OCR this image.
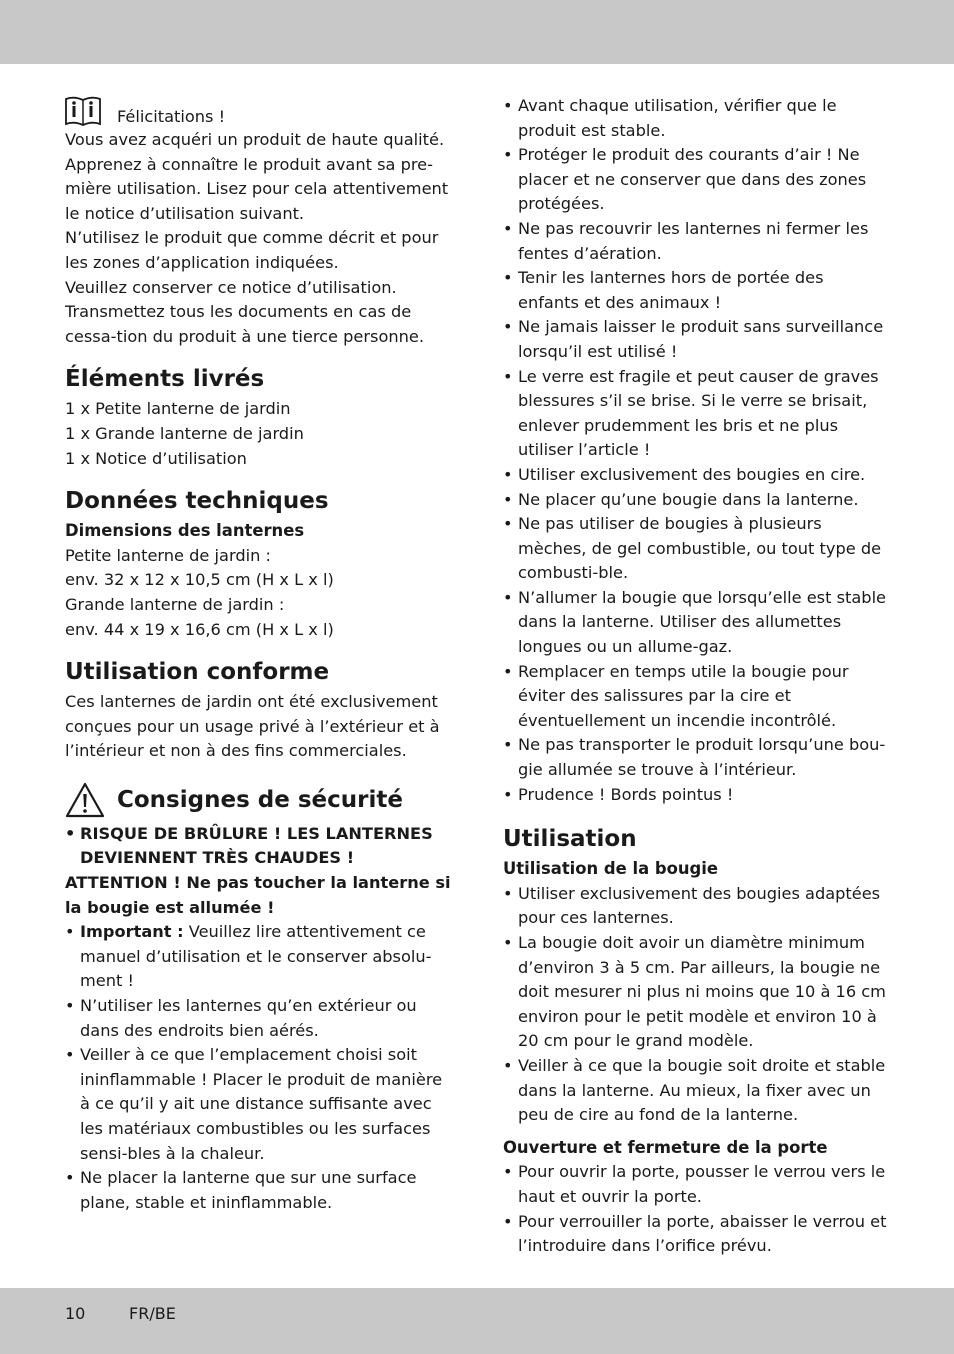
Félicitations !
Vous avez acquéri un produit de haute qualité. Apprenez à connaître le produit avant sa pre-mière utilisation. Lisez pour cela attentivement le notice d’utilisation suivant.
N’utilisez le produit que comme décrit et pour les zones d’application indiquées.
Veuillez conserver ce notice d’utilisation. Transmettez tous les documents en cas de cessa-tion du produit à une tierce personne.
Éléments livrés
1 x Petite lanterne de jardin
1 x Grande lanterne de jardin
1 x Notice d’utilisation
Données techniques
Dimensions des lanternes
Petite lanterne de jardin :
env. 32 x 12 x 10,5 cm (H x L x l)
Grande lanterne de jardin :
env. 44 x 19 x 16,6 cm (H x L x l)
Utilisation conforme
Ces lanternes de jardin ont été exclusivement conçues pour un usage privé à l’extérieur et à l’intérieur et non à des fins commerciales.
Consignes de sécurité
• RISQUE DE BRÛLURE ! LES LANTERNES DEVIENNENT TRÈS CHAUDES !
ATTENTION ! Ne pas toucher la lanterne si la bougie est allumée !
• Important : Veuillez lire attentivement ce manuel d’utilisation et le conserver absolu-ment !
• N’utiliser les lanternes qu’en extérieur ou dans des endroits bien aérés.
• Veiller à ce que l’emplacement choisi soit ininflammable ! Placer le produit de manière à ce qu’il y ait une distance suffisante avec les matériaux combustibles ou les surfaces sensi-bles à la chaleur.
• Ne placer la lanterne que sur une surface plane, stable et ininflammable.
• Avant chaque utilisation, vérifier que le produit est stable.
• Protéger le produit des courants d’air ! Ne placer et ne conserver que dans des zones protégées.
• Ne pas recouvrir les lanternes ni fermer les fentes d’aération.
• Tenir les lanternes hors de portée des enfants et des animaux !
• Ne jamais laisser le produit sans surveillance lorsqu’il est utilisé !
• Le verre est fragile et peut causer de graves blessures s’il se brise. Si le verre se brisait, enlever prudemment les bris et ne plus utiliser l’article !
• Utiliser exclusivement des bougies en cire.
• Ne placer qu’une bougie dans la lanterne.
• Ne pas utiliser de bougies à plusieurs mèches, de gel combustible, ou tout type de combusti-ble.
• N’allumer la bougie que lorsqu’elle est stable dans la lanterne. Utiliser des allumettes longues ou un allume-gaz.
• Remplacer en temps utile la bougie pour éviter des salissures par la cire et éventuellement un incendie incontrôlé.
• Ne pas transporter le produit lorsqu’une bou-gie allumée se trouve à l’intérieur.
• Prudence ! Bords pointus !
Utilisation
Utilisation de la bougie
• Utiliser exclusivement des bougies adaptées pour ces lanternes.
• La bougie doit avoir un diamètre minimum d’environ 3 à 5 cm. Par ailleurs, la bougie ne doit mesurer ni plus ni moins que 10 à 16 cm environ pour le petit modèle et environ 10 à 20 cm pour le grand modèle.
• Veiller à ce que la bougie soit droite et stable dans la lanterne. Au mieux, la fixer avec un peu de cire au fond de la lanterne.
Ouverture et fermeture de la porte
• Pour ouvrir la porte, pousser le verrou vers le haut et ouvrir la porte.
• Pour verrouiller la porte, abaisser le verrou et l’introduire dans l’orifice prévu.
10	FR/BE
